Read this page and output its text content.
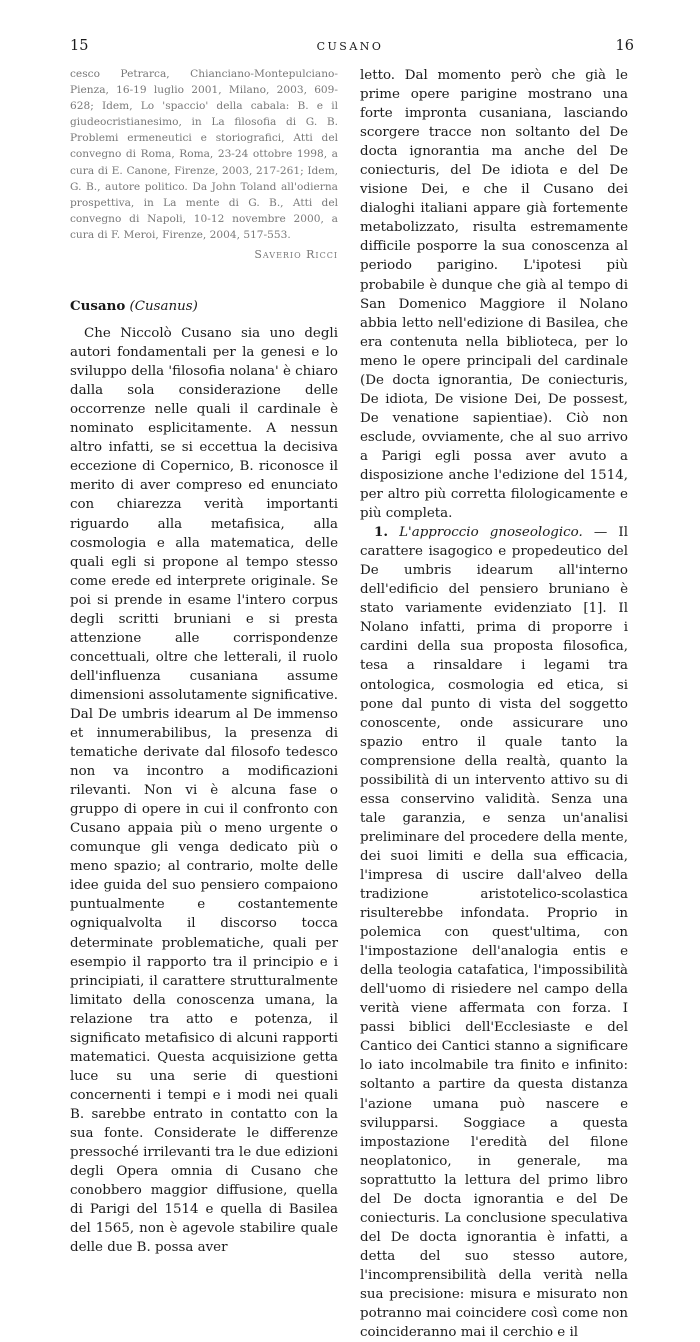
15	CUSANO	16

cesco Petrarca, Chianciano-Montepulciano-Pienza, 16-19 luglio 2001, Milano, 2003, 609-628; Idem, Lo 'spaccio' della cabala: B. e il giudeocristianesimo, in La filosofia di G. B. Problemi ermeneutici e storiografici, Atti del convegno di Roma, Roma, 23-24 ottobre 1998, a cura di E. Canone, Firenze, 2003, 217-261; Idem, G. B., autore politico. Da John Toland all'odierna prospettiva, in La mente di G. B., Atti del convegno di Napoli, 10-12 novembre 2000, a cura di F. Meroi, Firenze, 2004, 517-553.

Saverio Ricci

Cusano (Cusanus)

Che Niccolò Cusano sia uno degli autori fondamentali per la genesi e lo sviluppo della 'filosofia nolana' è chiaro dalla sola considerazione delle occorrenze nelle quali il cardinale è nominato esplicitamente. A nessun altro infatti, se si eccettua la decisiva eccezione di Copernico, B. riconosce il merito di aver compreso ed enunciato con chiarezza verità importanti riguardo alla metafisica, alla cosmologia e alla matematica, delle quali egli si propone al tempo stesso come erede ed interprete originale. Se poi si prende in esame l'intero corpus degli scritti bruniani e si presta attenzione alle corrispondenze concettuali, oltre che letterali, il ruolo dell'influenza cusaniana assume dimensioni assolutamente significative. Dal De umbris idearum al De immenso et innumerabilibus, la presenza di tematiche derivate dal filosofo tedesco non va incontro a modificazioni rilevanti. Non vi è alcuna fase o gruppo di opere in cui il confronto con Cusano appaia più o meno urgente o comunque gli venga dedicato più o meno spazio; al contrario, molte delle idee guida del suo pensiero compaiono puntualmente e costantemente ogniqualvolta il discorso tocca determinate problematiche, quali per esempio il rapporto tra il principio e i principiati, il carattere strutturalmente limitato della conoscenza umana, la relazione tra atto e potenza, il significato metafisico di alcuni rapporti matematici. Questa acquisizione getta luce su una serie di questioni concernenti i tempi e i modi nei quali B. sarebbe entrato in contatto con la sua fonte. Considerate le differenze pressoché irrilevanti tra le due edizioni degli Opera omnia di Cusano che conobbero maggior diffusione, quella di Parigi del 1514 e quella di Basilea del 1565, non è agevole stabilire quale delle due B. possa aver

letto. Dal momento però che già le prime opere parigine mostrano una forte impronta cusaniana, lasciando scorgere tracce non soltanto del De docta ignorantia ma anche del De coniecturis, del De idiota e del De visione Dei, e che il Cusano dei dialoghi italiani appare già fortemente metabolizzato, risulta estremamente difficile posporre la sua conoscenza al periodo parigino. L'ipotesi più probabile è dunque che già al tempo di San Domenico Maggiore il Nolano abbia letto nell'edizione di Basilea, che era contenuta nella biblioteca, per lo meno le opere principali del cardinale (De docta ignorantia, De coniecturis, De idiota, De visione Dei, De possest, De venatione sapientiae). Ciò non esclude, ovviamente, che al suo arrivo a Parigi egli possa aver avuto a disposizione anche l'edizione del 1514, per altro più corretta filologicamente e più completa.

1. L'approccio gnoseologico. — Il carattere isagogico e propedeutico del De umbris idearum all'interno dell'edificio del pensiero bruniano è stato variamente evidenziato [1]. Il Nolano infatti, prima di proporre i cardini della sua proposta filosofica, tesa a rinsaldare i legami tra ontologica, cosmologia ed etica, si pone dal punto di vista del soggetto conoscente, onde assicurare uno spazio entro il quale tanto la comprensione della realtà, quanto la possibilità di un intervento attivo su di essa conservino validità. Senza una tale garanzia, e senza un'analisi preliminare del procedere della mente, dei suoi limiti e della sua efficacia, l'impresa di uscire dall'alveo della tradizione aristotelico-scolastica risulterebbe infondata. Proprio in polemica con quest'ultima, con l'impostazione dell'analogia entis e della teologia catafatica, l'impossibilità dell'uomo di risiedere nel campo della verità viene affermata con forza. I passi biblici dell'Ecclesiaste e del Cantico dei Cantici stanno a significare lo iato incolmabile tra finito e infinito: soltanto a partire da questa distanza l'azione umana può nascere e svilupparsi. Soggiace a questa impostazione l'eredità del filone neoplatonico, in generale, ma soprattutto la lettura del primo libro del De docta ignorantia e del De coniecturis. La conclusione speculativa del De docta ignorantia è infatti, a detta del suo stesso autore, l'incomprensibilità della verità nella sua precisione: misura e misurato non potranno mai coincidere così come non coincideranno mai il cerchio e il
